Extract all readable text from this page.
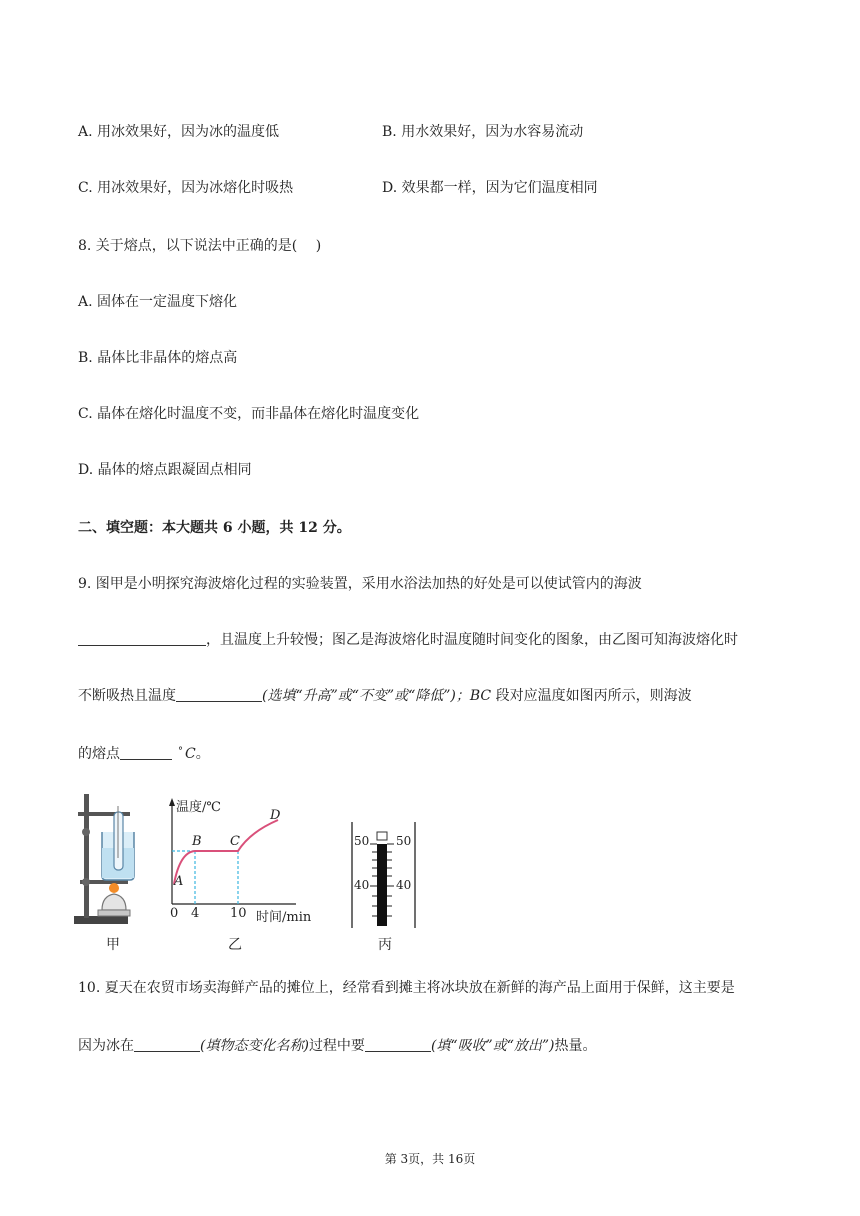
A. 用冰效果好，因为冰的温度低	B. 用水效果好，因为水容易流动
C. 用冰效果好，因为冰熔化时吸热	D. 效果都一样，因为它们温度相同
8. 关于熔点，以下说法中正确的是(　 )
A. 固体在一定温度下熔化
B. 晶体比非晶体的熔点高
C. 晶体在熔化时温度不变，而非晶体在熔化时温度变化
D. 晶体的熔点跟凝固点相同
二、填空题：本大题共 6 小题，共 12 分。
9. 图甲是小明探究海波熔化过程的实验装置，采用水浴法加热的好处是可以使试管内的海波
，且温度上升较慢；图乙是海波熔化时温度随时间变化的图象，由乙图可知海波熔化时
不断吸热且温度	(选填“升高”或“不变”或“降低”)；BC 段对应温度如图丙所示，则海波
的熔点	° C。
温度/℃
D
B C
A
0 4 10 时间/min
50 50
40 40
甲	乙	丙
10. 夏天在农贸市场卖海鲜产品的摊位上，经常看到摊主将冰块放在新鲜的海产品上面用于保鲜，这主要是
因为冰在	(填物态变化名称)过程中要	(填“吸收”或“放出”)热量。
第 3页，共 16页
